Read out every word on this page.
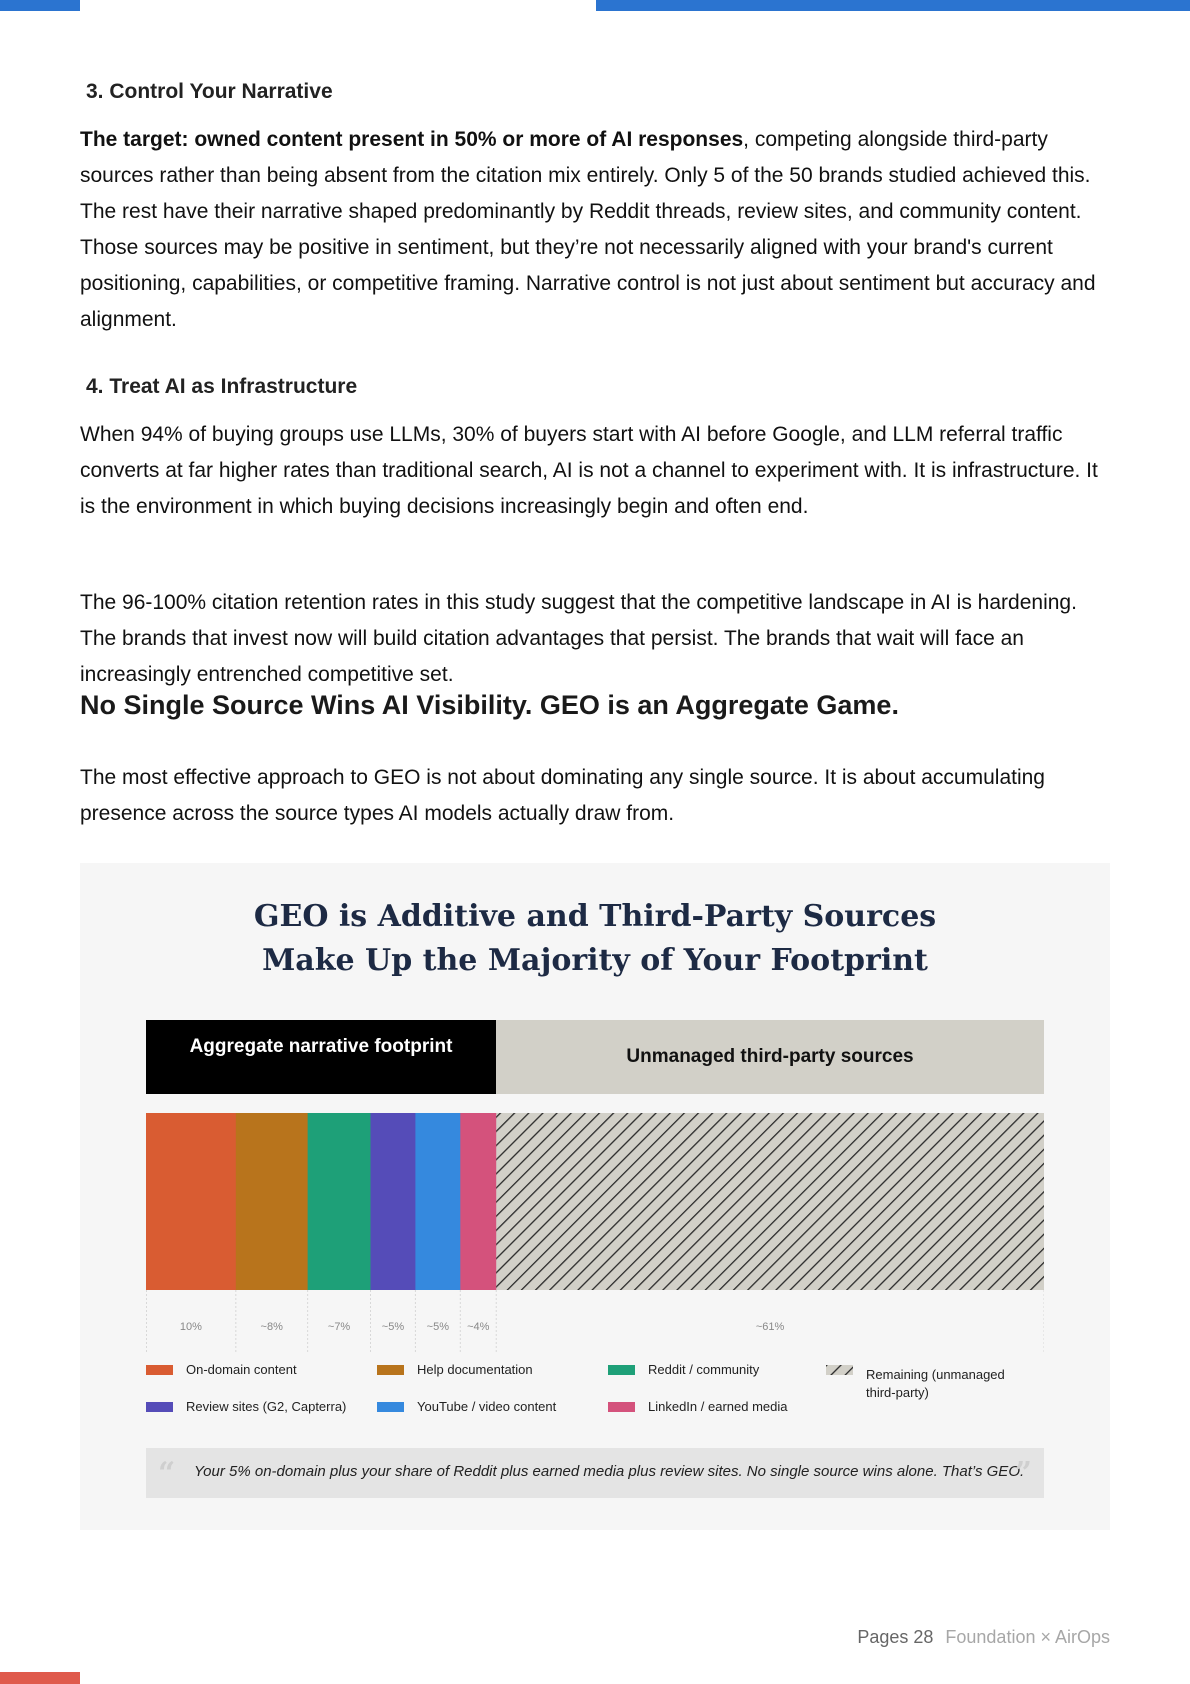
3. Control Your Narrative

The target: owned content present in 50% or more of AI responses, competing alongside third-party sources rather than being absent from the citation mix entirely. Only 5 of the 50 brands studied achieved this. The rest have their narrative shaped predominantly by Reddit threads, review sites, and community content. Those sources may be positive in sentiment, but they’re not necessarily aligned with your brand's current positioning, capabilities, or competitive framing. Narrative control is not just about sentiment but accuracy and alignment.

4. Treat AI as Infrastructure

When 94% of buying groups use LLMs, 30% of buyers start with AI before Google, and LLM referral traffic converts at far higher rates than traditional search, AI is not a channel to experiment with. It is infrastructure. It is the environment in which buying decisions increasingly begin and often end.

The 96-100% citation retention rates in this study suggest that the competitive landscape in AI is hardening. The brands that invest now will build citation advantages that persist. The brands that wait will face an increasingly entrenched competitive set.

No Single Source Wins AI Visibility. GEO is an Aggregate Game.

The most effective approach to GEO is not about dominating any single source. It is about accumulating presence across the source types AI models actually draw from.

GEO is Additive and Third-Party Sources
Make Up the Majority of Your Footprint
Aggregate narrative footprint	Unmanaged third-party sources
10%	~8%	~7%	~5% ~5% ~4%	~61%
On-domain content	Help documentation	Reddit / community
Review sites (G2, Capterra)	YouTube / video content	LinkedIn / earned media
Remaining (unmanaged third-party)
“ Your 5% on-domain plus your share of Reddit plus earned media plus review sites. No single source wins alone. That’s GEO.
”
Pages 28 Foundation × AirOps
